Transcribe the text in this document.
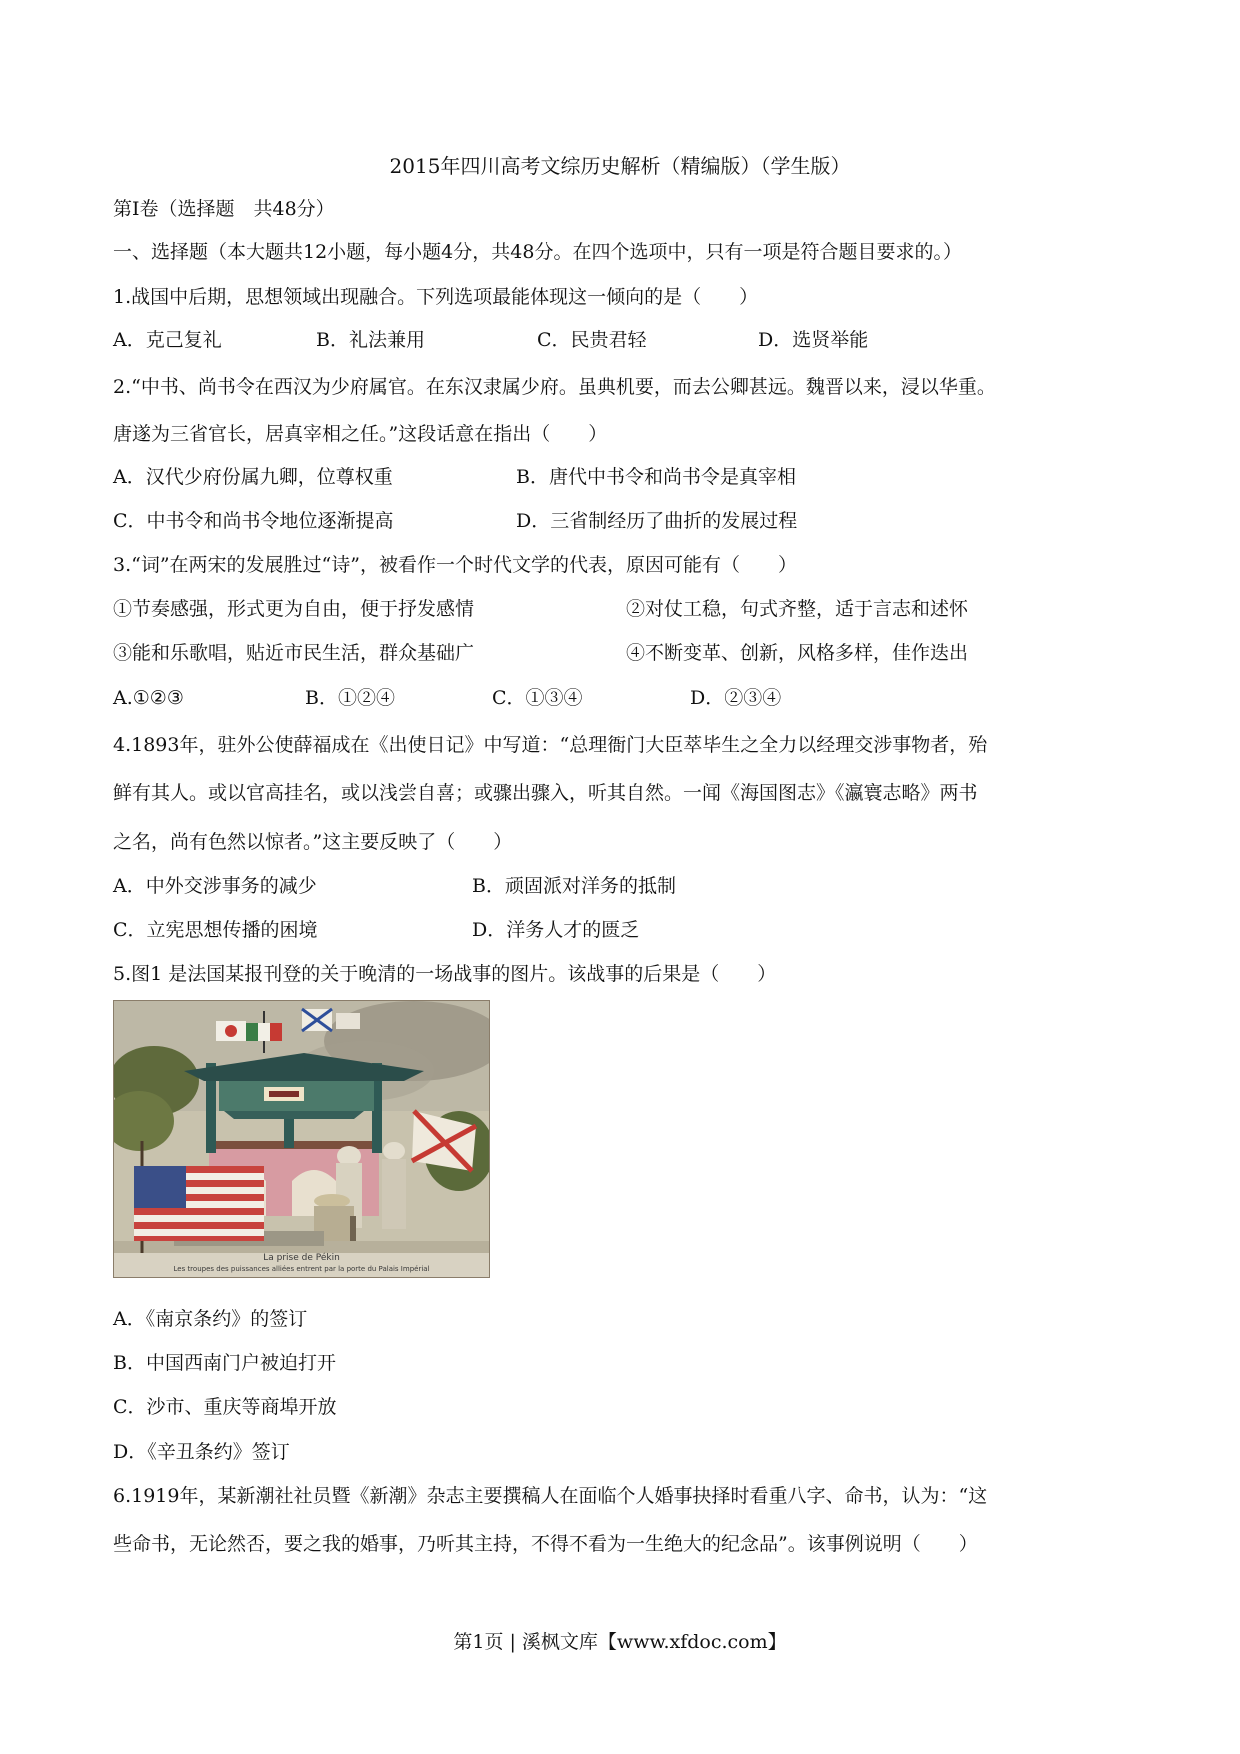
2015年四川高考文综历史解析（精编版）（学生版）
第Ⅰ卷（选择题　共48分）
一、选择题（本大题共12小题，每小题4分，共48分。在四个选项中，只有一项是符合题目要求的。）
1.战国中后期，思想领域出现融合。下列选项最能体现这一倾向的是（　　）
A．克己复礼	B．礼法兼用	C．民贵君轻	D．选贤举能
2.“中书、尚书令在西汉为少府属官。在东汉隶属少府。虽典机要，而去公卿甚远。魏晋以来，浸以华重。
唐遂为三省官长，居真宰相之任。”这段话意在指出（　　）
A．汉代少府份属九卿，位尊权重	B．唐代中书令和尚书令是真宰相
C．中书令和尚书令地位逐渐提高	D．三省制经历了曲折的发展过程
3.“词”在两宋的发展胜过“诗”，被看作一个时代文学的代表，原因可能有（　　）
①节奏感强，形式更为自由，便于抒发感情	②对仗工稳，句式齐整，适于言志和述怀
③能和乐歌唱，贴近市民生活，群众基础广	④不断变革、创新，风格多样，佳作迭出
A.①②③	B．①②④	C．①③④	D．②③④
4.1893年，驻外公使薛福成在《出使日记》中写道：“总理衙门大臣萃毕生之全力以经理交涉事物者，殆
鲜有其人。或以官高挂名，或以浅尝自喜；或骤出骤入，听其自然。一闻《海国图志》《瀛寰志略》两书
之名，尚有色然以惊者。”这主要反映了（　　）
A．中外交涉事务的减少	B．顽固派对洋务的抵制
C．立宪思想传播的困境	D．洋务人才的匮乏
5.图1 是法国某报刊登的关于晚清的一场战事的图片。该战事的后果是（　　）
La prise de Pékin
Les troupes des puissances alliées entrent par la porte du Palais Impérial
A．《南京条约》的签订
B．中国西南门户被迫打开
C．沙市、重庆等商埠开放
D．《辛丑条约》签订
6.1919年，某新潮社社员暨《新潮》杂志主要撰稿人在面临个人婚事抉择时看重八字、命书，认为：“这
些命书，无论然否，要之我的婚事，乃听其主持，不得不看为一生绝大的纪念品”。该事例说明（　　）
第1页 | 溪枫文库【www.xfdoc.com】
